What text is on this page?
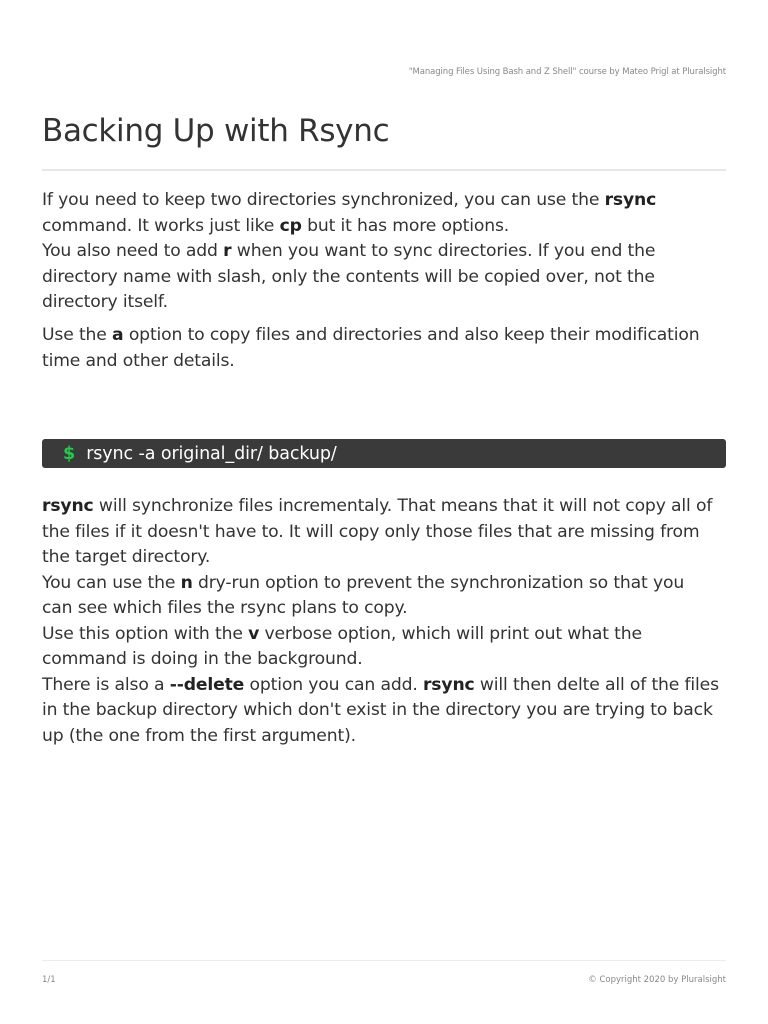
"Managing Files Using Bash and Z Shell" course by Mateo Prigl at Pluralsight
Backing Up with Rsync
If you need to keep two directories synchronized, you can use the rsync
command. It works just like cp but it has more options.
You also need to add r when you want to sync directories. If you end the
directory name with slash, only the contents will be copied over, not the
directory itself.
Use the a option to copy files and directories and also keep their modification
time and other details.
$ rsync -a original_dir/ backup/
rsync will synchronize files incrementaly. That means that it will not copy all of
the files if it doesn't have to. It will copy only those files that are missing from
the target directory.
You can use the n dry-run option to prevent the synchronization so that you
can see which files the rsync plans to copy.
Use this option with the v verbose option, which will print out what the
command is doing in the background.
There is also a --delete option you can add. rsync will then delte all of the files
in the backup directory which don't exist in the directory you are trying to back
up (the one from the first argument).
1/1	© Copyright 2020 by Pluralsight
